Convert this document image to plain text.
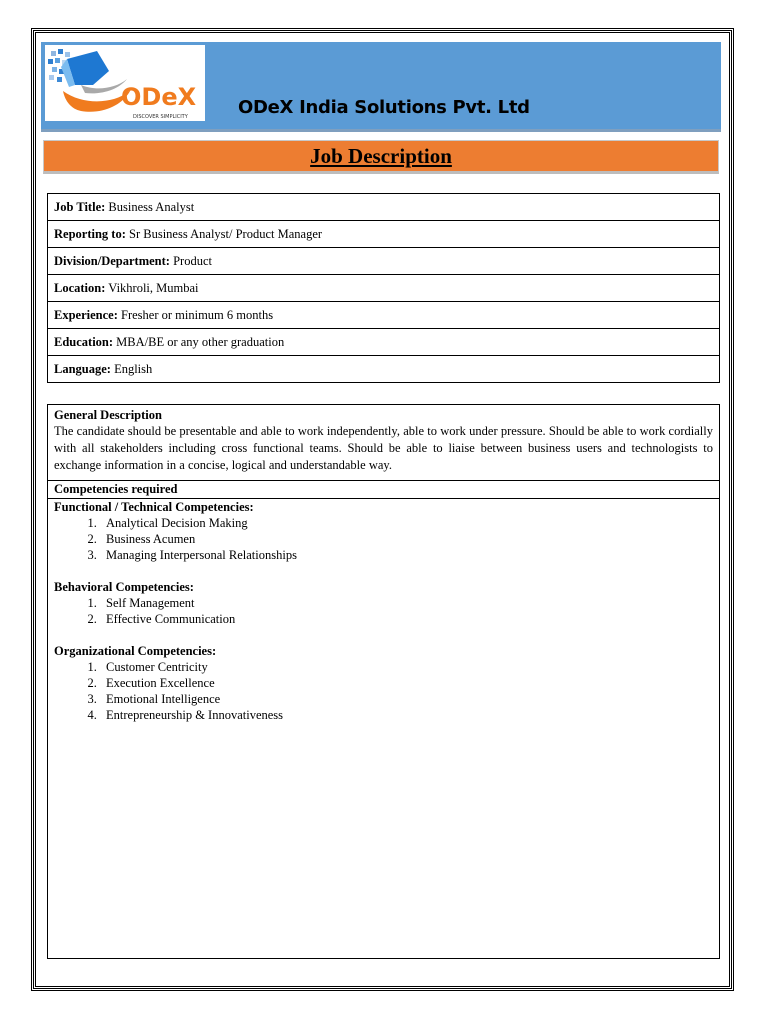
ODeX
DISCOVER SIMPLICITY	ODeX India Solutions Pvt. Ltd
Job Description
Job Title: Business Analyst
Reporting to: Sr Business Analyst/ Product Manager
Division/Department: Product
Location: Vikhroli, Mumbai
Experience: Fresher or minimum 6 months
Education: MBA/BE or any other graduation
Language: English
General Description
The candidate should be presentable and able to work independently, able to work under pressure. Should be able to work cordially with all stakeholders including cross functional teams. Should be able to liaise between business users and technologists to exchange information in a concise, logical and understandable way.
Competencies required
Functional / Technical Competencies:
1. Analytical Decision Making
2. Business Acumen
3. Managing Interpersonal Relationships
Behavioral Competencies:
1. Self Management
2. Effective Communication
Organizational Competencies:
1. Customer Centricity
2. Execution Excellence
3. Emotional Intelligence
4. Entrepreneurship & Innovativeness
